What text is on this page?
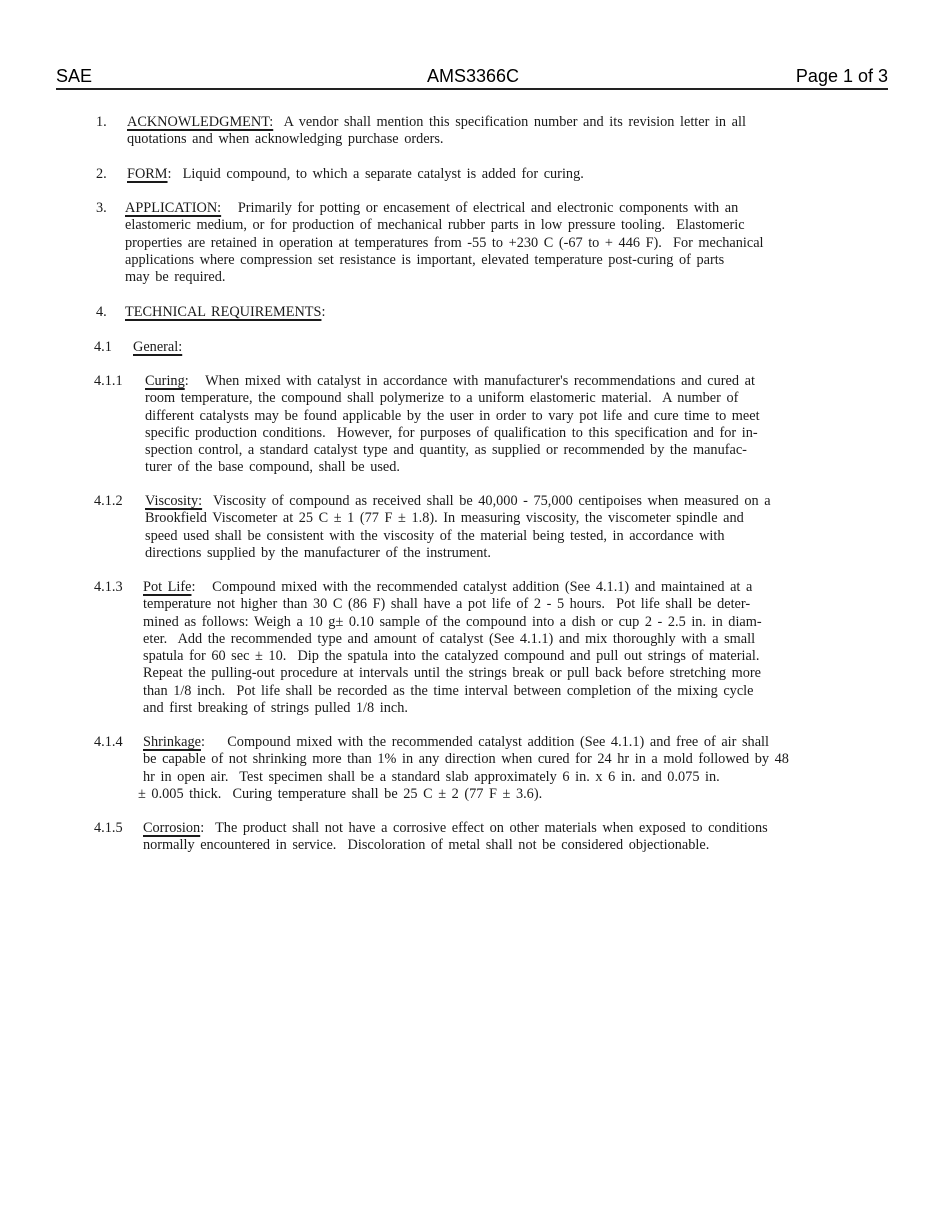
SAE	AMS3366C	Page 1 of 3
1. ACKNOWLEDGMENT:  A vendor shall mention this specification number and its revision letter in all
quotations and when acknowledging purchase orders.
2. FORM:  Liquid compound, to which a separate catalyst is added for curing.
3. APPLICATION:   Primarily for potting or encasement of electrical and electronic components with an
elastomeric medium, or for production of mechanical rubber parts in low pressure tooling.  Elastomeric
properties are retained in operation at temperatures from -55 to +230 C (-67 to + 446 F).  For mechanical
applications where compression set resistance is important, elevated temperature post-curing of parts
may be required.
4. TECHNICAL REQUIREMENTS:
4.1 General:
4.1.1 Curing:   When mixed with catalyst in accordance with manufacturer's recommendations and cured at
room temperature, the compound shall polymerize to a uniform elastomeric material.  A number of
different catalysts may be found applicable by the user in order to vary pot life and cure time to meet
specific production conditions.  However, for purposes of qualification to this specification and for in-
spection control, a standard catalyst type and quantity, as supplied or recommended by the manufac-
turer of the base compound, shall be used.
4.1.2 Viscosity:  Viscosity of compound as received shall be 40,000 - 75,000 centipoises when measured on a
Brookfield Viscometer at 25 C ± 1 (77 F ± 1.8). In measuring viscosity, the viscometer spindle and
speed used shall be consistent with the viscosity of the material being tested, in accordance with
directions supplied by the manufacturer of the instrument.
4.1.3 Pot Life:   Compound mixed with the recommended catalyst addition (See 4.1.1) and maintained at a
temperature not higher than 30 C (86 F) shall have a pot life of 2 - 5 hours.  Pot life shall be deter-
mined as follows: Weigh a 10 g± 0.10 sample of the compound into a dish or cup 2 - 2.5 in. in diam-
eter.  Add the recommended type and amount of catalyst (See 4.1.1) and mix thoroughly with a small
spatula for 60 sec ± 10.  Dip the spatula into the catalyzed compound and pull out strings of material.
Repeat the pulling-out procedure at intervals until the strings break or pull back before stretching more
than 1/8 inch.  Pot life shall be recorded as the time interval between completion of the mixing cycle
and first breaking of strings pulled 1/8 inch.
4.1.4 Shrinkage:    Compound mixed with the recommended catalyst addition (See 4.1.1) and free of air shall
be capable of not shrinking more than 1% in any direction when cured for 24 hr in a mold followed by 48
hr in open air.  Test specimen shall be a standard slab approximately 6 in. x 6 in. and 0.075 in.
± 0.005 thick.  Curing temperature shall be 25 C ± 2 (77 F ± 3.6).
4.1.5 Corrosion:  The product shall not have a corrosive effect on other materials when exposed to conditions
normally encountered in service.  Discoloration of metal shall not be considered objectionable.
